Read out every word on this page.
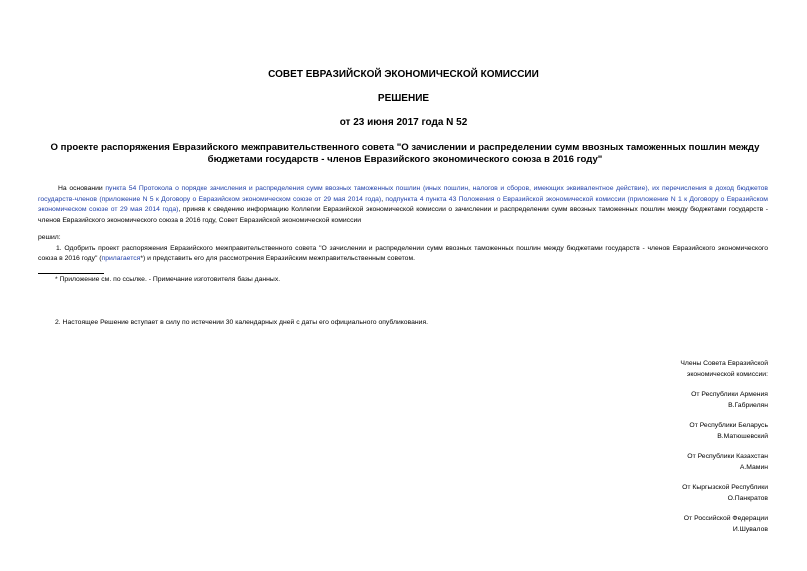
СОВЕТ ЕВРАЗИЙСКОЙ ЭКОНОМИЧЕСКОЙ КОМИССИИ
РЕШЕНИЕ
от 23 июня 2017 года N 52
О проекте распоряжения Евразийского межправительственного совета "О зачислении и распределении сумм ввозных таможенных пошлин между бюджетами государств - членов Евразийского экономического союза в 2016 году"
На основании пункта 54 Протокола о порядке зачисления и распределения сумм ввозных таможенных пошлин (иных пошлин, налогов и сборов, имеющих эквивалентное действие), их перечисления в доход бюджетов государств-членов (приложение N 5 к Договору о Евразийском экономическом союзе от 29 мая 2014 года), подпункта 4 пункта 43 Положения о Евразийской экономической комиссии (приложение N 1 к Договору о Евразийском экономическом союзе от 29 мая 2014 года), приняв к сведению информацию Коллегии Евразийской экономической комиссии о зачислении и распределении сумм ввозных таможенных пошлин между бюджетами государств - членов Евразийского экономического союза в 2016 году, Совет Евразийской экономической комиссии
решил:
1. Одобрить проект распоряжения Евразийского межправительственного совета "О зачислении и распределении сумм ввозных таможенных пошлин между бюджетами государств - членов Евразийского экономического союза в 2016 году" (прилагается*) и представить его для рассмотрения Евразийским межправительственным советом.
* Приложение см. по ссылке. - Примечание изготовителя базы данных.
2. Настоящее Решение вступает в силу по истечении 30 календарных дней с даты его официального опубликования.
Члены Совета Евразийской
экономической комиссии:
От Республики Армения
В.Габриелян
От Республики Беларусь
В.Матюшевский
От Республики Казахстан
А.Мамин
От Кыргызской Республики
О.Панкратов
От Российской Федерации
И.Шувалов
